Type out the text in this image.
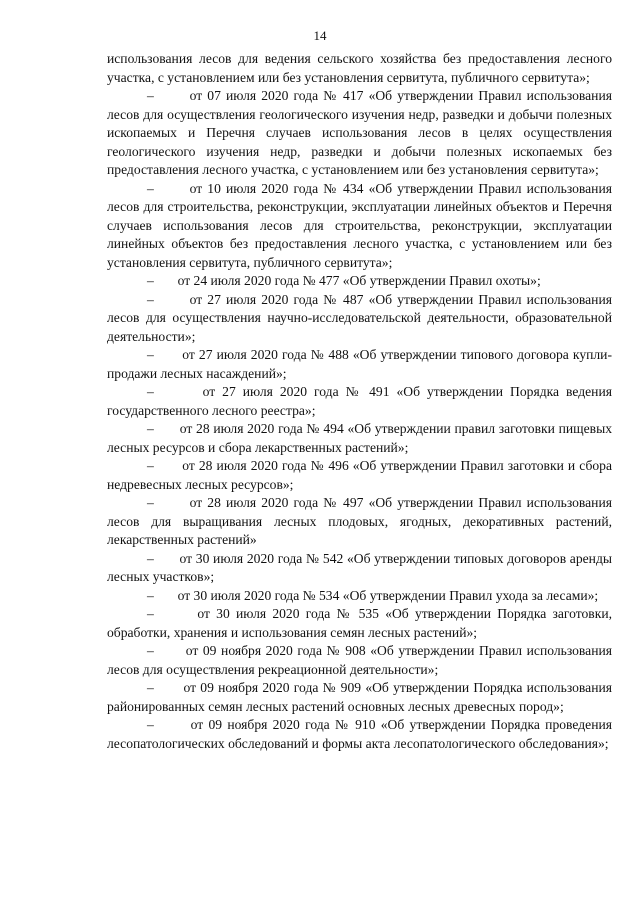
14

использования лесов для ведения сельского хозяйства без предоставления лесного участка, с установлением или без установления сервитута, публичного сервитута»;

–       от 07 июля 2020 года № 417 «Об утверждении Правил использования лесов для осуществления геологического изучения недр, разведки и добычи полезных ископаемых и Перечня случаев использования лесов в целях осуществления геологического изучения недр, разведки и добычи полезных ископаемых без предоставления лесного участка, с установлением или без установления сервитута»;

–       от 10 июля 2020 года № 434 «Об утверждении Правил использования лесов для строительства, реконструкции, эксплуатации линейных объектов и Перечня случаев использования лесов для строительства, реконструкции, эксплуатации линейных объектов без предоставления лесного участка, с установлением или без установления сервитута, публичного сервитута»;

–       от 24 июля 2020 года № 477 «Об утверждении Правил охоты»;

–       от 27 июля 2020 года № 487 «Об утверждении Правил использования лесов для осуществления научно-исследовательской деятельности, образовательной деятельности»;

–       от 27 июля 2020 года № 488 «Об утверждении типового договора купли-продажи лесных насаждений»;

–       от 27 июля 2020 года № 491 «Об утверждении Порядка ведения государственного лесного реестра»;

–       от 28 июля 2020 года № 494 «Об утверждении правил заготовки пищевых лесных ресурсов и сбора лекарственных растений»;

–       от 28 июля 2020 года № 496 «Об утверждении Правил заготовки и сбора недревесных лесных ресурсов»;

–       от 28 июля 2020 года № 497 «Об утверждении Правил использования лесов для выращивания лесных плодовых, ягодных, декоративных растений, лекарственных растений»

–       от 30 июля 2020 года № 542 «Об утверждении типовых договоров аренды лесных участков»;

–       от 30 июля 2020 года № 534 «Об утверждении Правил ухода за лесами»;

–       от 30 июля 2020 года № 535 «Об утверждении Порядка заготовки, обработки, хранения и использования семян лесных растений»;

–       от 09 ноября 2020 года № 908 «Об утверждении Правил использования лесов для осуществления рекреационной деятельности»;

–       от 09 ноября 2020 года № 909 «Об утверждении Порядка использования районированных семян лесных растений основных лесных древесных пород»;

–       от 09 ноября 2020 года № 910 «Об утверждении Порядка проведения лесопатологических обследований и формы акта лесопатологического обследования»;
